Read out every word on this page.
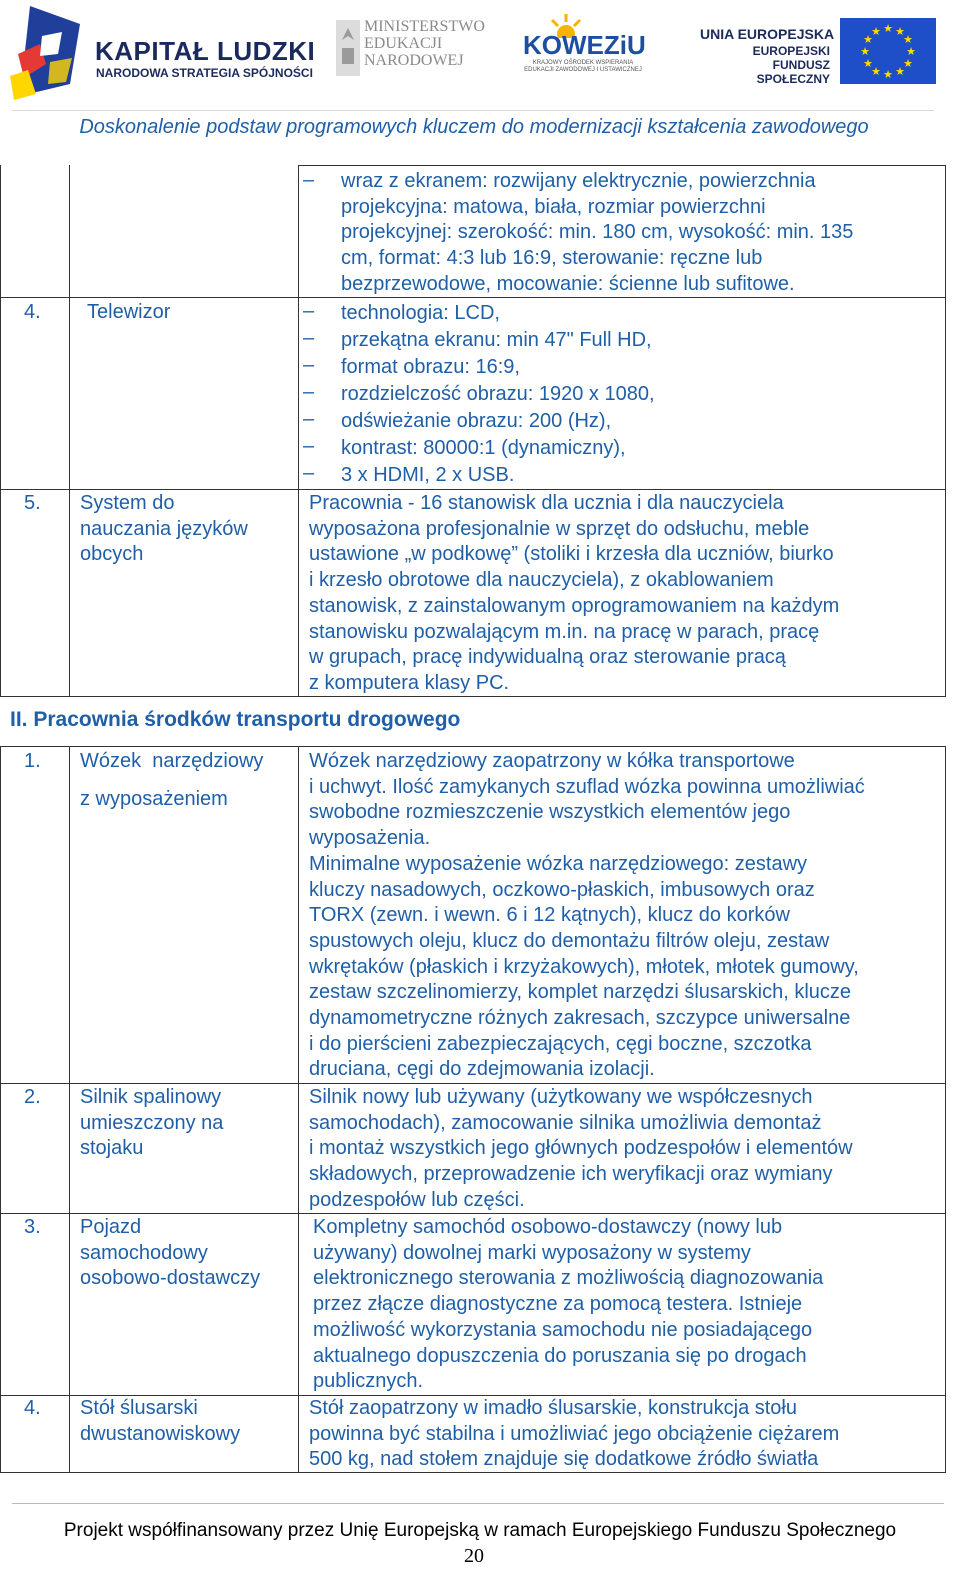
KAPITAŁ LUDZKI
NARODOWA STRATEGIA SPÓJNOŚCI
MINISTERSTWO
EDUKACJI
NARODOWEJ
KOWEZiU
KRAJOWY OŚRODEK WSPIERANIA EDUKACJI ZAWODOWEJ I USTAWICZNEJ
UNIA EUROPEJSKA
EUROPEJSKI
FUNDUSZ SPOŁECZNY
★ ★
★
★
★
★
★
★
★
★
★
★
Doskonalenie podstaw programowych kluczem do modernizacji kształcenia zawodowego
– wraz z ekranem: rozwijany elektrycznie, powierzchnia
projekcyjna: matowa, biała, rozmiar powierzchni
projekcyjnej: szerokość: min. 180 cm, wysokość: min. 135
cm, format: 4:3 lub 16:9, sterowanie: ręczne lub
bezprzewodowe, mocowanie: ścienne lub sufitowe.
4. Telewizor	– technologia: LCD,
– przekątna ekranu: min 47" Full HD,
– format obrazu: 16:9,
– rozdzielczość obrazu: 1920 x 1080,
– odświeżanie obrazu: 200 (Hz),
– kontrast: 80000:1 (dynamiczny),
– 3 x HDMI, 2 x USB.
5. System do
nauczania języków
obcych
Pracownia - 16 stanowisk dla ucznia i dla nauczyciela
wyposażona profesjonalnie w sprzęt do odsłuchu, meble
ustawione „w podkowę” (stoliki i krzesła dla uczniów, biurko
i krzesło obrotowe dla nauczyciela), z okablowaniem
stanowisk, z zainstalowanym oprogramowaniem na każdym
stanowisku pozwalającym m.in. na pracę w parach, pracę
w grupach, pracę indywidualną oraz sterowanie pracą
z komputera klasy PC.
II. Pracownia środków transportu drogowego
1. Wózek  narzędziowy
z wyposażeniem
Wózek narzędziowy zaopatrzony w kółka transportowe
i uchwyt. Ilość zamykanych szuflad wózka powinna umożliwiać
swobodne rozmieszczenie wszystkich elementów jego
wyposażenia.
Minimalne wyposażenie wózka narzędziowego: zestawy
kluczy nasadowych, oczkowo-płaskich, imbusowych oraz
TORX (zewn. i wewn. 6 i 12 kątnych), klucz do korków
spustowych oleju, klucz do demontażu filtrów oleju, zestaw
wkrętaków (płaskich i krzyżakowych), młotek, młotek gumowy,
zestaw szczelinomierzy, komplet narzędzi ślusarskich, klucze
dynamometryczne różnych zakresach, szczypce uniwersalne
i do pierścieni zabezpieczających, cęgi boczne, szczotka
druciana, cęgi do zdejmowania izolacji.
2. Silnik spalinowy
umieszczony na
stojaku
Silnik nowy lub używany (użytkowany we współczesnych
samochodach), zamocowanie silnika umożliwia demontaż
i montaż wszystkich jego głównych podzespołów i elementów
składowych, przeprowadzenie ich weryfikacji oraz wymiany
podzespołów lub części.
3. Pojazd
samochodowy
osobowo-dostawczy
Kompletny samochód osobowo-dostawczy (nowy lub
używany) dowolnej marki wyposażony w systemy
elektronicznego sterowania z możliwością diagnozowania
przez złącze diagnostyczne za pomocą testera. Istnieje
możliwość wykorzystania samochodu nie posiadającego
aktualnego dopuszczenia do poruszania się po drogach
publicznych.
4. Stół ślusarski
dwustanowiskowy
Stół zaopatrzony w imadło ślusarskie, konstrukcja stołu
powinna być stabilna i umożliwiać jego obciążenie ciężarem
500 kg, nad stołem znajduje się dodatkowe źródło światła
Projekt współfinansowany przez Unię Europejską w ramach Europejskiego Funduszu Społecznego
20
